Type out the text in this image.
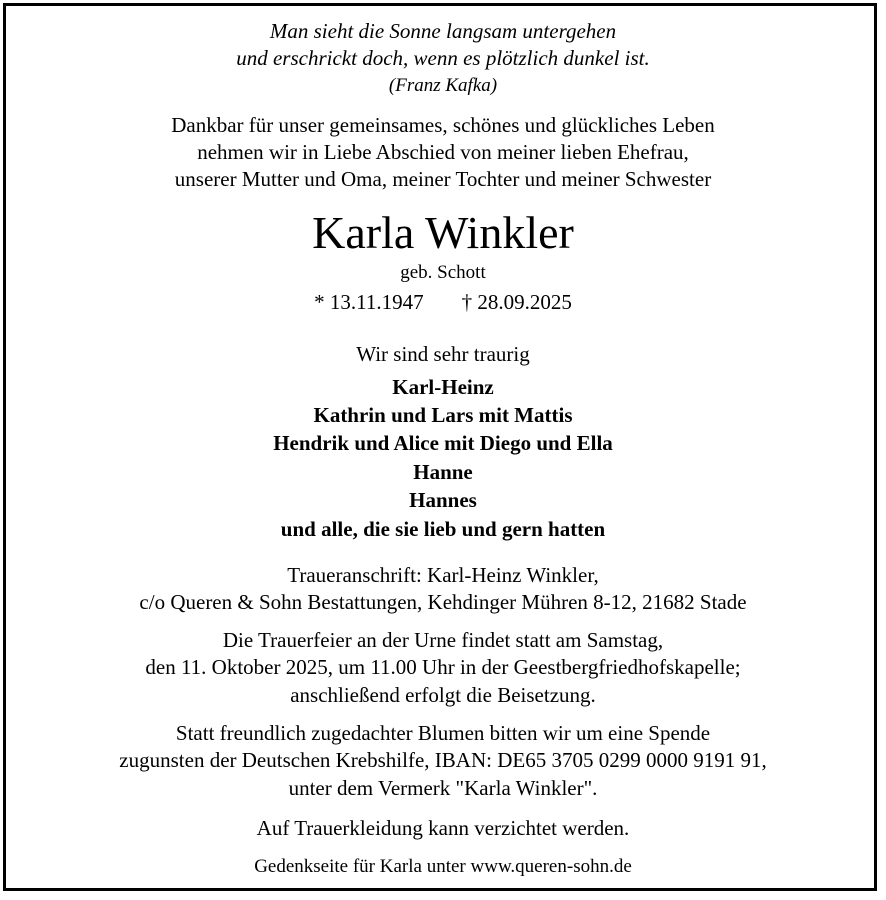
Man sieht die Sonne langsam untergehen
und erschrickt doch, wenn es plötzlich dunkel ist.
(Franz Kafka)
Dankbar für unser gemeinsames, schönes und glückliches Leben
nehmen wir in Liebe Abschied von meiner lieben Ehefrau,
unserer Mutter und Oma, meiner Tochter und meiner Schwester
Karla Winkler
geb. Schott
* 13.11.1947 † 28.09.2025
Wir sind sehr traurig
Karl-Heinz
Kathrin und Lars mit Mattis
Hendrik und Alice mit Diego und Ella
Hanne
Hannes
und alle, die sie lieb und gern hatten
Traueranschrift: Karl-Heinz Winkler,
c/o Queren & Sohn Bestattungen, Kehdinger Mühren 8-12, 21682 Stade
Die Trauerfeier an der Urne findet statt am Samstag,
den 11. Oktober 2025, um 11.00 Uhr in der Geestbergfriedhofskapelle;
anschließend erfolgt die Beisetzung.
Statt freundlich zugedachter Blumen bitten wir um eine Spende
zugunsten der Deutschen Krebshilfe, IBAN: DE65 3705 0299 0000 9191 91,
unter dem Vermerk "Karla Winkler".
Auf Trauerkleidung kann verzichtet werden.
Gedenkseite für Karla unter www.queren-sohn.de
